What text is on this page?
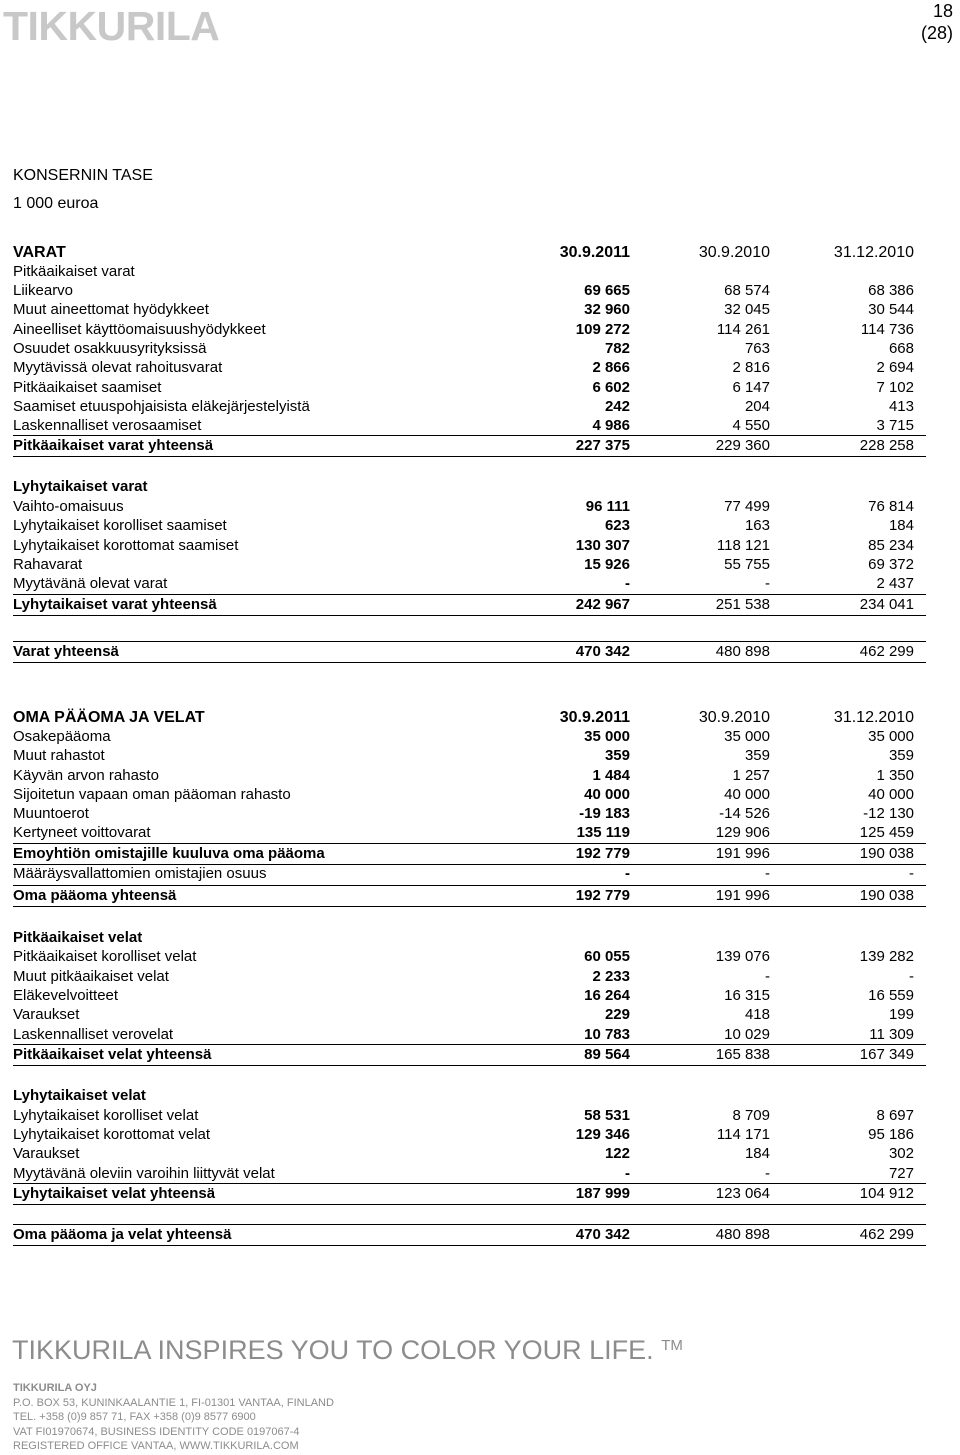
TIKKURILA	18
(28)
KONSERNIN TASE
1 000 euroa
VARAT	30.9.2011	30.9.2010	31.12.2010
Pitkäaikaiset varat
Liikearvo	69 665	68 574	68 386
Muut aineettomat hyödykkeet	32 960	32 045	30 544
Aineelliset käyttöomaisuushyödykkeet	109 272	114 261	114 736
Osuudet osakkuusyrityksissä	782	763	668
Myytävissä olevat rahoitusvarat	2 866	2 816	2 694
Pitkäaikaiset saamiset	6 602	6 147	7 102
Saamiset etuuspohjaisista eläkejärjestelyistä	242	204	413
Laskennalliset verosaamiset	4 986	4 550	3 715
Pitkäaikaiset varat yhteensä	227 375	229 360	228 258
Lyhytaikaiset varat
Vaihto-omaisuus	96 111	77 499	76 814
Lyhytaikaiset korolliset saamiset	623	163	184
Lyhytaikaiset korottomat saamiset	130 307	118 121	85 234
Rahavarat	15 926	55 755	69 372
Myytävänä olevat varat	-	-	2 437
Lyhytaikaiset varat yhteensä	242 967	251 538	234 041
Varat yhteensä	470 342	480 898	462 299
OMA PÄÄOMA JA VELAT	30.9.2011	30.9.2010	31.12.2010
Osakepääoma	35 000	35 000	35 000
Muut rahastot	359	359	359
Käyvän arvon rahasto	1 484	1 257	1 350
Sijoitetun vapaan oman pääoman rahasto	40 000	40 000	40 000
Muuntoerot	-19 183	-14 526	-12 130
Kertyneet voittovarat	135 119	129 906	125 459
Emoyhtiön omistajille kuuluva oma pääoma	192 779	191 996	190 038
Määräysvallattomien omistajien osuus	-	-	-
Oma pääoma yhteensä	192 779	191 996	190 038
Pitkäaikaiset velat
Pitkäaikaiset korolliset velat	60 055	139 076	139 282
Muut pitkäaikaiset velat	2 233	-	-
Eläkevelvoitteet	16 264	16 315	16 559
Varaukset	229	418	199
Laskennalliset verovelat	10 783	10 029	11 309
Pitkäaikaiset velat yhteensä	89 564	165 838	167 349
Lyhytaikaiset velat
Lyhytaikaiset korolliset velat	58 531	8 709	8 697
Lyhytaikaiset korottomat velat	129 346	114 171	95 186
Varaukset	122	184	302
Myytävänä oleviin varoihin liittyvät velat	-	-	727
Lyhytaikaiset velat yhteensä	187 999	123 064	104 912
Oma pääoma ja velat yhteensä	470 342	480 898	462 299
TIKKURILA INSPIRES YOU TO COLOR YOUR LIFE. ™
TIKKURILA OYJ
P.O. BOX 53, KUNINKAALANTIE 1, FI-01301 VANTAA, FINLAND
TEL. +358 (0)9 857 71, FAX +358 (0)9 8577 6900
VAT FI01970674, BUSINESS IDENTITY CODE 0197067-4
REGISTERED OFFICE VANTAA, WWW.TIKKURILA.COM
